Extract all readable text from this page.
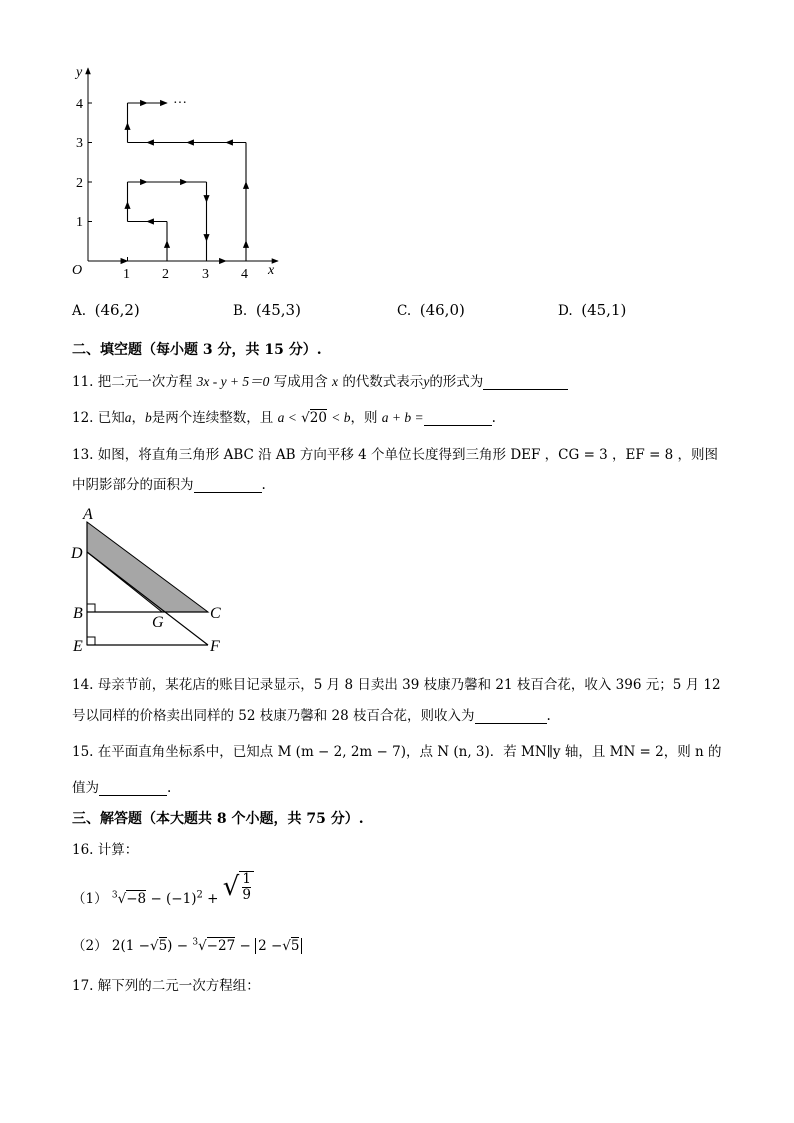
···
y
x
O
1
2
3
4
1 2 3 4
A. (46,2)	B. (45,3)	C. (46,0)	D. (45,1)
二、填空题（每小题 3 分，共 15 分）.
11. 把二元一次方程 3x - y + 5＝0 写成用含 x 的代数式表示y的形式为
12. 已知a，b是两个连续整数，且 a < √20 < b，则 a + b =	.
13. 如图，将直角三角形 ABC 沿 AB 方向平移 4 个单位长度得到三角形 DEF ，CG = 3 ，EF = 8 ，则图
中阴影部分的面积为	.
A
D
B
E
C
F
G
14. 母亲节前，某花店的账目记录显示，5 月 8 日卖出 39 枝康乃馨和 21 枝百合花，收入 396 元；5 月 12
号以同样的价格卖出同样的 52 枝康乃馨和 28 枝百合花，则收入为	.
15. 在平面直角坐标系中，已知点 M (m − 2, 2m − 7)，点 N (n, 3)．若 MN∥y 轴，且 MN = 2，则 n 的
值为	.
三、解答题（本大题共 8 个小题，共 75 分）.
16. 计算：
（1） $^3√-8 - (-1)^2$ + √ $\frac{1}{9}$
（2） 2(1 −√5) − $^3$√−27 − 2 −√5
17. 解下列的二元一次方程组：
